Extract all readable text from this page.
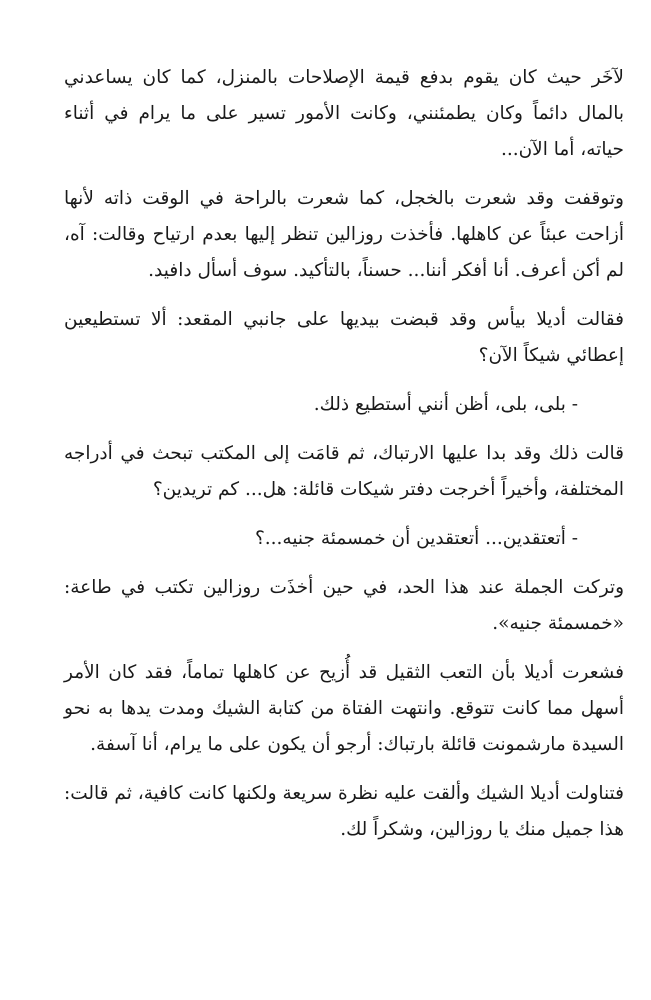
لآخَر حيث كان يقوم بدفع قيمة الإصلاحات بالمنزل، كما كان يساعدني بالمال دائماً وكان يطمئنني، وكانت الأمور تسير على ما يرام في أثناء حياته، أما الآن...

وتوقفت وقد شعرت بالخجل، كما شعرت بالراحة في الوقت ذاته لأنها أزاحت عبئاً عن كاهلها. فأخذت روزالين تنظر إليها بعدم ارتياح وقالت: آه، لم أكن أعرف. أنا أفكر أننا... حسناً، بالتأكيد. سوف أسأل دافيد.

فقالت أديلا بيأس وقد قبضت بيديها على جانبي المقعد: ألا تستطيعين إعطائي شيكاً الآن؟

- بلى، بلى، أظن أنني أستطيع ذلك.

قالت ذلك وقد بدا عليها الارتباك، ثم قامَت إلى المكتب تبحث في أدراجه المختلفة، وأخيراً أخرجت دفتر شيكات قائلة: هل... كم تريدين؟

- أتعتقدين... أتعتقدين أن خمسمئة جنيه...؟

وتركت الجملة عند هذا الحد، في حين أخذَت روزالين تكتب في طاعة: «خمسمئة جنيه».

فشعرت أديلا بأن التعب الثقيل قد أُزيح عن كاهلها تماماً، فقد كان الأمر أسهل مما كانت تتوقع. وانتهت الفتاة من كتابة الشيك ومدت يدها به نحو السيدة مارشمونت قائلة بارتباك: أرجو أن يكون على ما يرام، أنا آسفة.

فتناولت أديلا الشيك وألقت عليه نظرة سريعة ولكنها كانت كافية، ثم قالت: هذا جميل منك يا روزالين، وشكراً لك.
